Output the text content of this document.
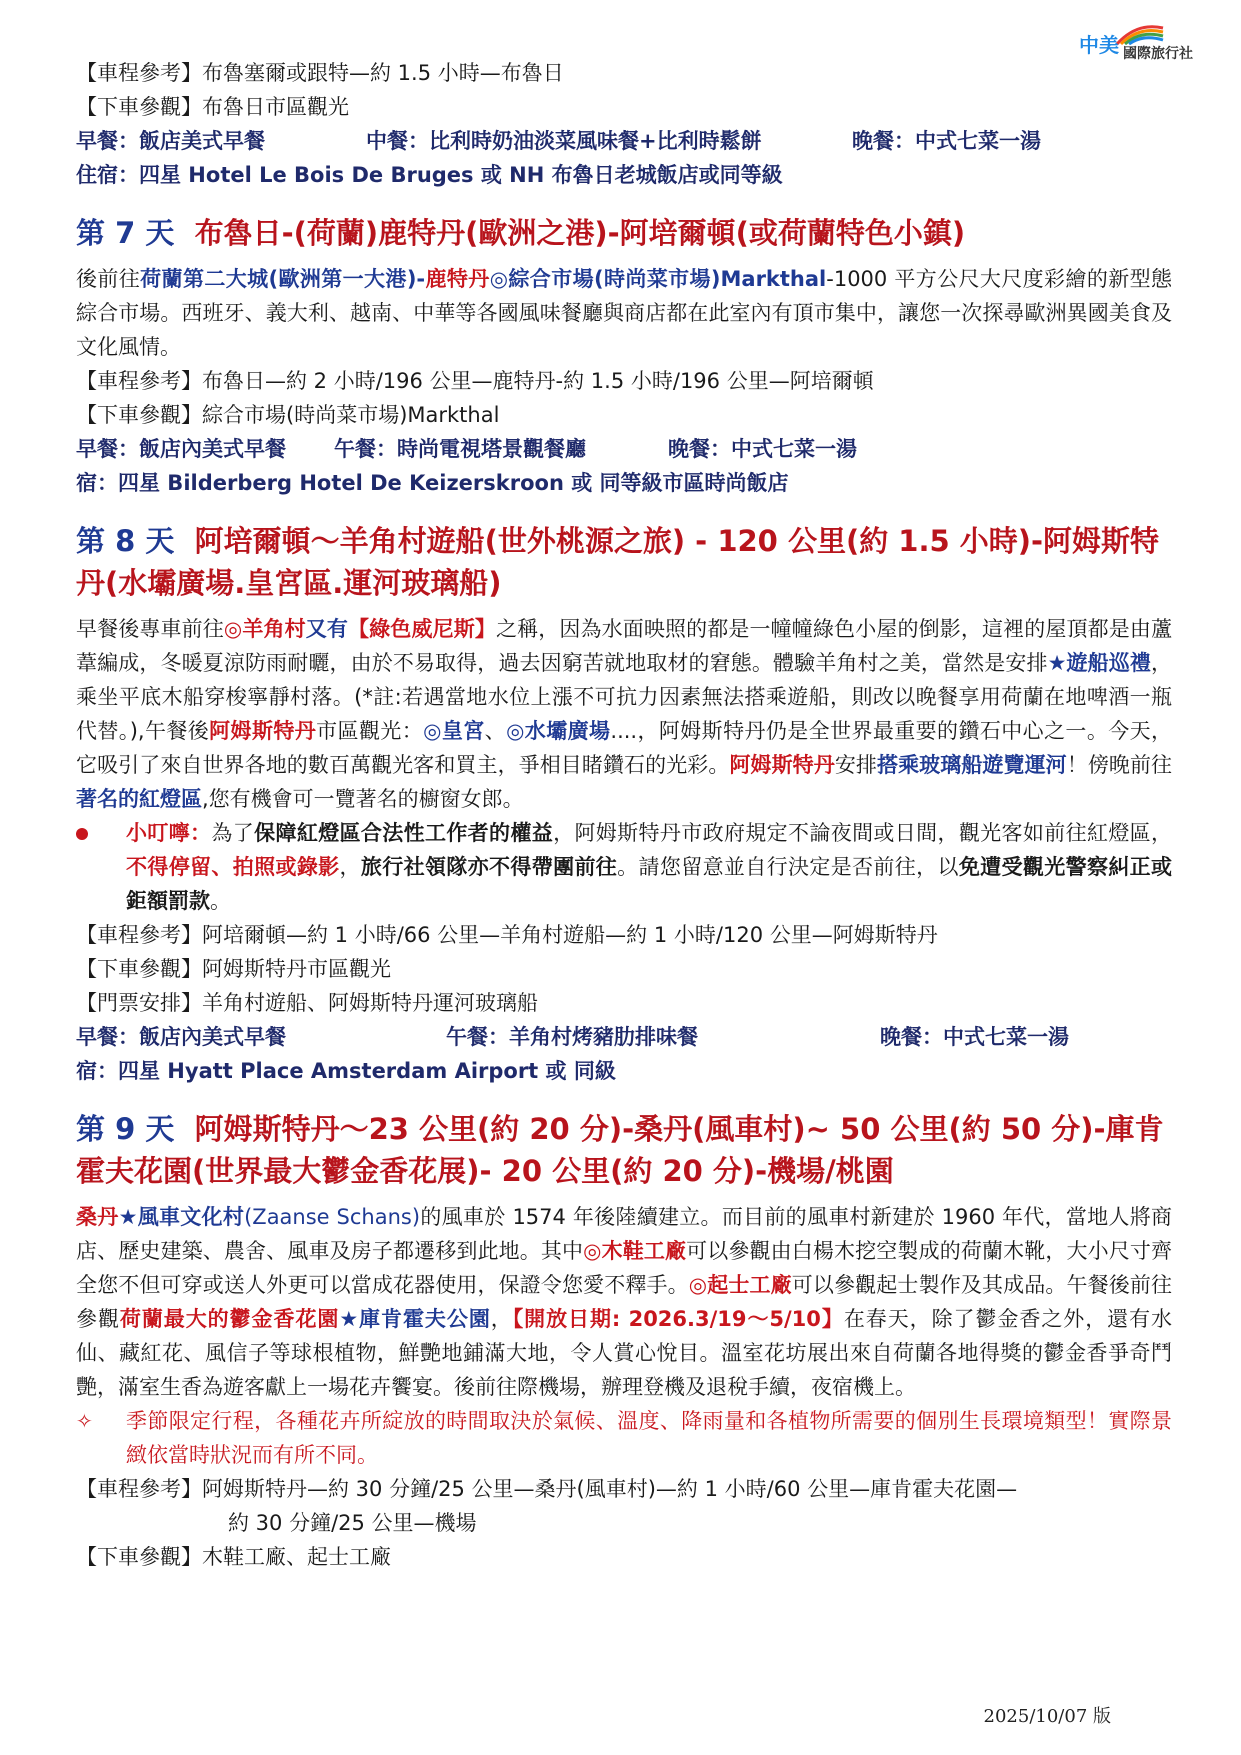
中美 國際旅行社
【車程參考】布魯塞爾或跟特—約 1.5 小時—布魯日
【下車參觀】布魯日市區觀光
早餐：飯店美式早餐	中餐：比利時奶油淡菜風味餐+比利時鬆餅	晚餐：中式七菜一湯
住宿：四星 Hotel Le Bois De Bruges 或 NH 布魯日老城飯店或同等級
第 7 天 布魯日-(荷蘭)鹿特丹(歐洲之港)-阿培爾頓(或荷蘭特色小鎮)
後前往荷蘭第二大城(歐洲第一大港)-鹿特丹◎綜合市場(時尚菜市場)Markthal-1000 平方公尺大尺度彩繪的新型態綜合市場。西班牙、義大利、越南、中華等各國風味餐廳與商店都在此室內有頂市集中，讓您一次探尋歐洲異國美食及文化風情。
【車程參考】布魯日—約 2 小時/196 公里—鹿特丹-約 1.5 小時/196 公里—阿培爾頓
【下車參觀】綜合市場(時尚菜市場)Markthal
早餐：飯店內美式早餐 午餐：時尚電視塔景觀餐廳	晚餐：中式七菜一湯
宿：四星 Bilderberg Hotel De Keizerskroon 或 同等級市區時尚飯店
第 8 天 阿培爾頓～羊角村遊船(世外桃源之旅) - 120 公里(約 1.5 小時)-阿姆斯特丹(水壩廣場.皇宮區.運河玻璃船)
早餐後專車前往◎羊角村又有【綠色威尼斯】之稱，因為水面映照的都是一幢幢綠色小屋的倒影，這裡的屋頂都是由蘆葦編成，冬暖夏涼防雨耐曬，由於不易取得，過去因窮苦就地取材的窘態。體驗羊角村之美，當然是安排★遊船巡禮，乘坐平底木船穿梭寧靜村落。(*註:若遇當地水位上漲不可抗力因素無法搭乘遊船，則改以晚餐享用荷蘭在地啤酒一瓶代替。),午餐後阿姆斯特丹市區觀光：◎皇宮、◎水壩廣場....，阿姆斯特丹仍是全世界最重要的鑽石中心之一。今天，它吸引了來自世界各地的數百萬觀光客和買主，爭相目睹鑽石的光彩。阿姆斯特丹安排搭乘玻璃船遊覽運河！傍晚前往著名的紅燈區,您有機會可一覽著名的櫥窗女郎。
小叮嚀：為了保障紅燈區合法性工作者的權益，阿姆斯特丹市政府規定不論夜間或日間，觀光客如前往紅燈區，不得停留、拍照或錄影，旅行社領隊亦不得帶團前往。請您留意並自行決定是否前往，以免遭受觀光警察糾正或鉅額罰款。
【車程參考】阿培爾頓—約 1 小時/66 公里—羊角村遊船—約 1 小時/120 公里—阿姆斯特丹
【下車參觀】阿姆斯特丹市區觀光
【門票安排】羊角村遊船、阿姆斯特丹運河玻璃船
早餐：飯店內美式早餐	午餐：羊角村烤豬肋排味餐	晚餐：中式七菜一湯
宿：四星 Hyatt Place Amsterdam Airport 或 同級
第 9 天 阿姆斯特丹～23 公里(約 20 分)-桑丹(風車村)~ 50 公里(約 50 分)-庫肯霍夫花園(世界最大鬱金香花展)- 20 公里(約 20 分)-機場/桃園
桑丹★風車文化村(Zaanse Schans)的風車於 1574 年後陸續建立。而目前的風車村新建於 1960 年代，當地人將商店、歷史建築、農舍、風車及房子都遷移到此地。其中◎木鞋工廠可以參觀由白楊木挖空製成的荷蘭木靴，大小尺寸齊全您不但可穿或送人外更可以當成花器使用，保證令您愛不釋手。◎起士工廠可以參觀起士製作及其成品。午餐後前往參觀荷蘭最大的鬱金香花園★庫肯霍夫公園，【開放日期: 2026.3/19～5/10】在春天，除了鬱金香之外，還有水仙、藏紅花、風信子等球根植物，鮮艷地鋪滿大地，令人賞心悅目。溫室花坊展出來自荷蘭各地得獎的鬱金香爭奇鬥艷，滿室生香為遊客獻上一場花卉饗宴。後前往際機場，辦理登機及退稅手續，夜宿機上。
✧ 季節限定行程，各種花卉所綻放的時間取決於氣候、溫度、降雨量和各植物所需要的個別生長環境類型！實際景緻依當時狀況而有所不同。
【車程參考】阿姆斯特丹—約 30 分鐘/25 公里—桑丹(風車村)—約 1 小時/60 公里—庫肯霍夫花園—
約 30 分鐘/25 公里—機場
【下車參觀】木鞋工廠、起士工廠
2025/10/07 版
